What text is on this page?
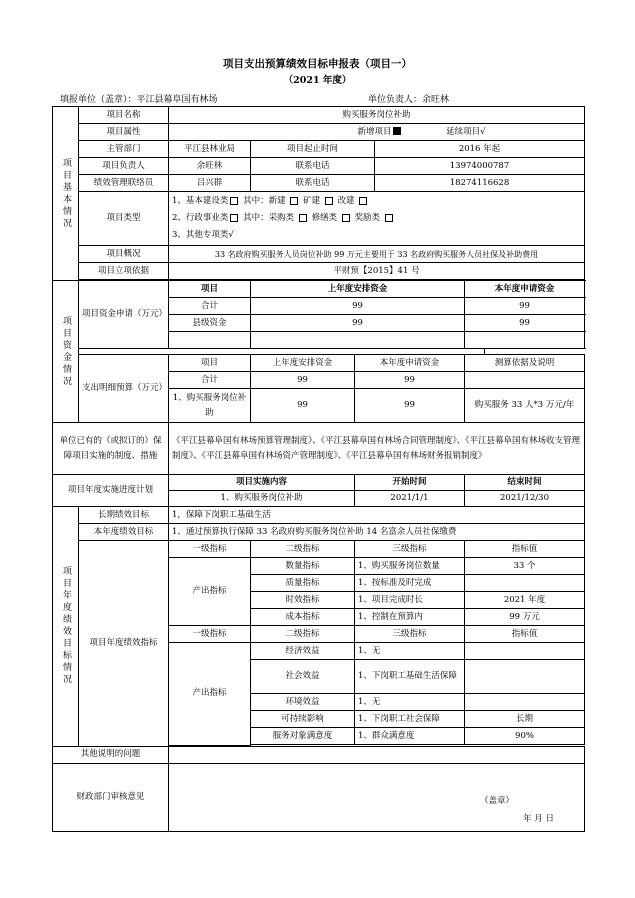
项目支出预算绩效目标申报表（项目一）
（2021 年度）
填报单位（盖章）：平江县幕阜国有林场	单位负责人：余旺林
项目基本情况	项目名称	购买服务岗位补助				
	项目属性	新增项目 延续项目√				
	主管部门	平江县林业局	项目起止时间		2016 年起	
	项目负责人	余旺林	联系电话		13974000787	
	绩效管理联络员	吕兴群	联系电话		18274116628	
	项目类型	1、基本建设类 其中：新建 矿建 改建
2、行政事业类 其中：采购类 修缮类 奖励类
3、其他专项类√				

	项目概况	33 名政府购买服务人员岗位补助 99 万元主要用于 33 名政府购买服务人员社保及补助费用				
	项目立项依据	平财预【2015】41 号				

项目资金情况	项目资金申请（万元）	项目	上年度安排资金			本年度申请资金
		合计	99			99
		县级资金	99			99

	支出明细预算（万元）	项目	上年度安排资金	本年度申请资金		测算依据及说明
		合计	99	99		
		1、购买服务岗位补助	99	99		购买服务 33 人*3 万元/年
单位已有的（或拟订的）保障项目实施的制度、措施		《平江县幕阜国有林场预算管理制度》、《平江县幕阜国有林场合同管理制度》、《平江县幕阜国有林场收支管理制度》、《平江县幕阜国有林场资产管理制度》、《平江县幕阜国有林场财务报销制度》				
项目年度实施进度计划		项目实施内容		开始时间		结束时间
		1、购买服务岗位补助		2021/1/1		2021/12/30
项目年度绩效目标情况	长期绩效目标	1，保障下岗职工基础生活				
	本年度绩效目标	1、通过预算执行保障 33 名政府购买服务岗位补助 14 名富余人员社保缴费				
	项目年度绩效指标	一级指标	二级指标	三级指标		指标值
		产出指标	数量指标	1、购买服务岗位数量		33 个
			质量指标	1、按标准及时完成		
			时效指标	1、项目完成时长		2021 年度
			成本指标	1、控制在预算内		99 万元
		一级指标	二级指标	三级指标		指标值
		产出指标	经济效益	1、无		
			社会效益	1、下岗职工基础生活保障		
			环境效益	1、无		
			可持续影响	1、下岗职工社会保障		长期
			服务对象满意度	1、群众满意度		90%

其他说明的问题						
财政部门审核意见		（盖章）
年 月 日				
